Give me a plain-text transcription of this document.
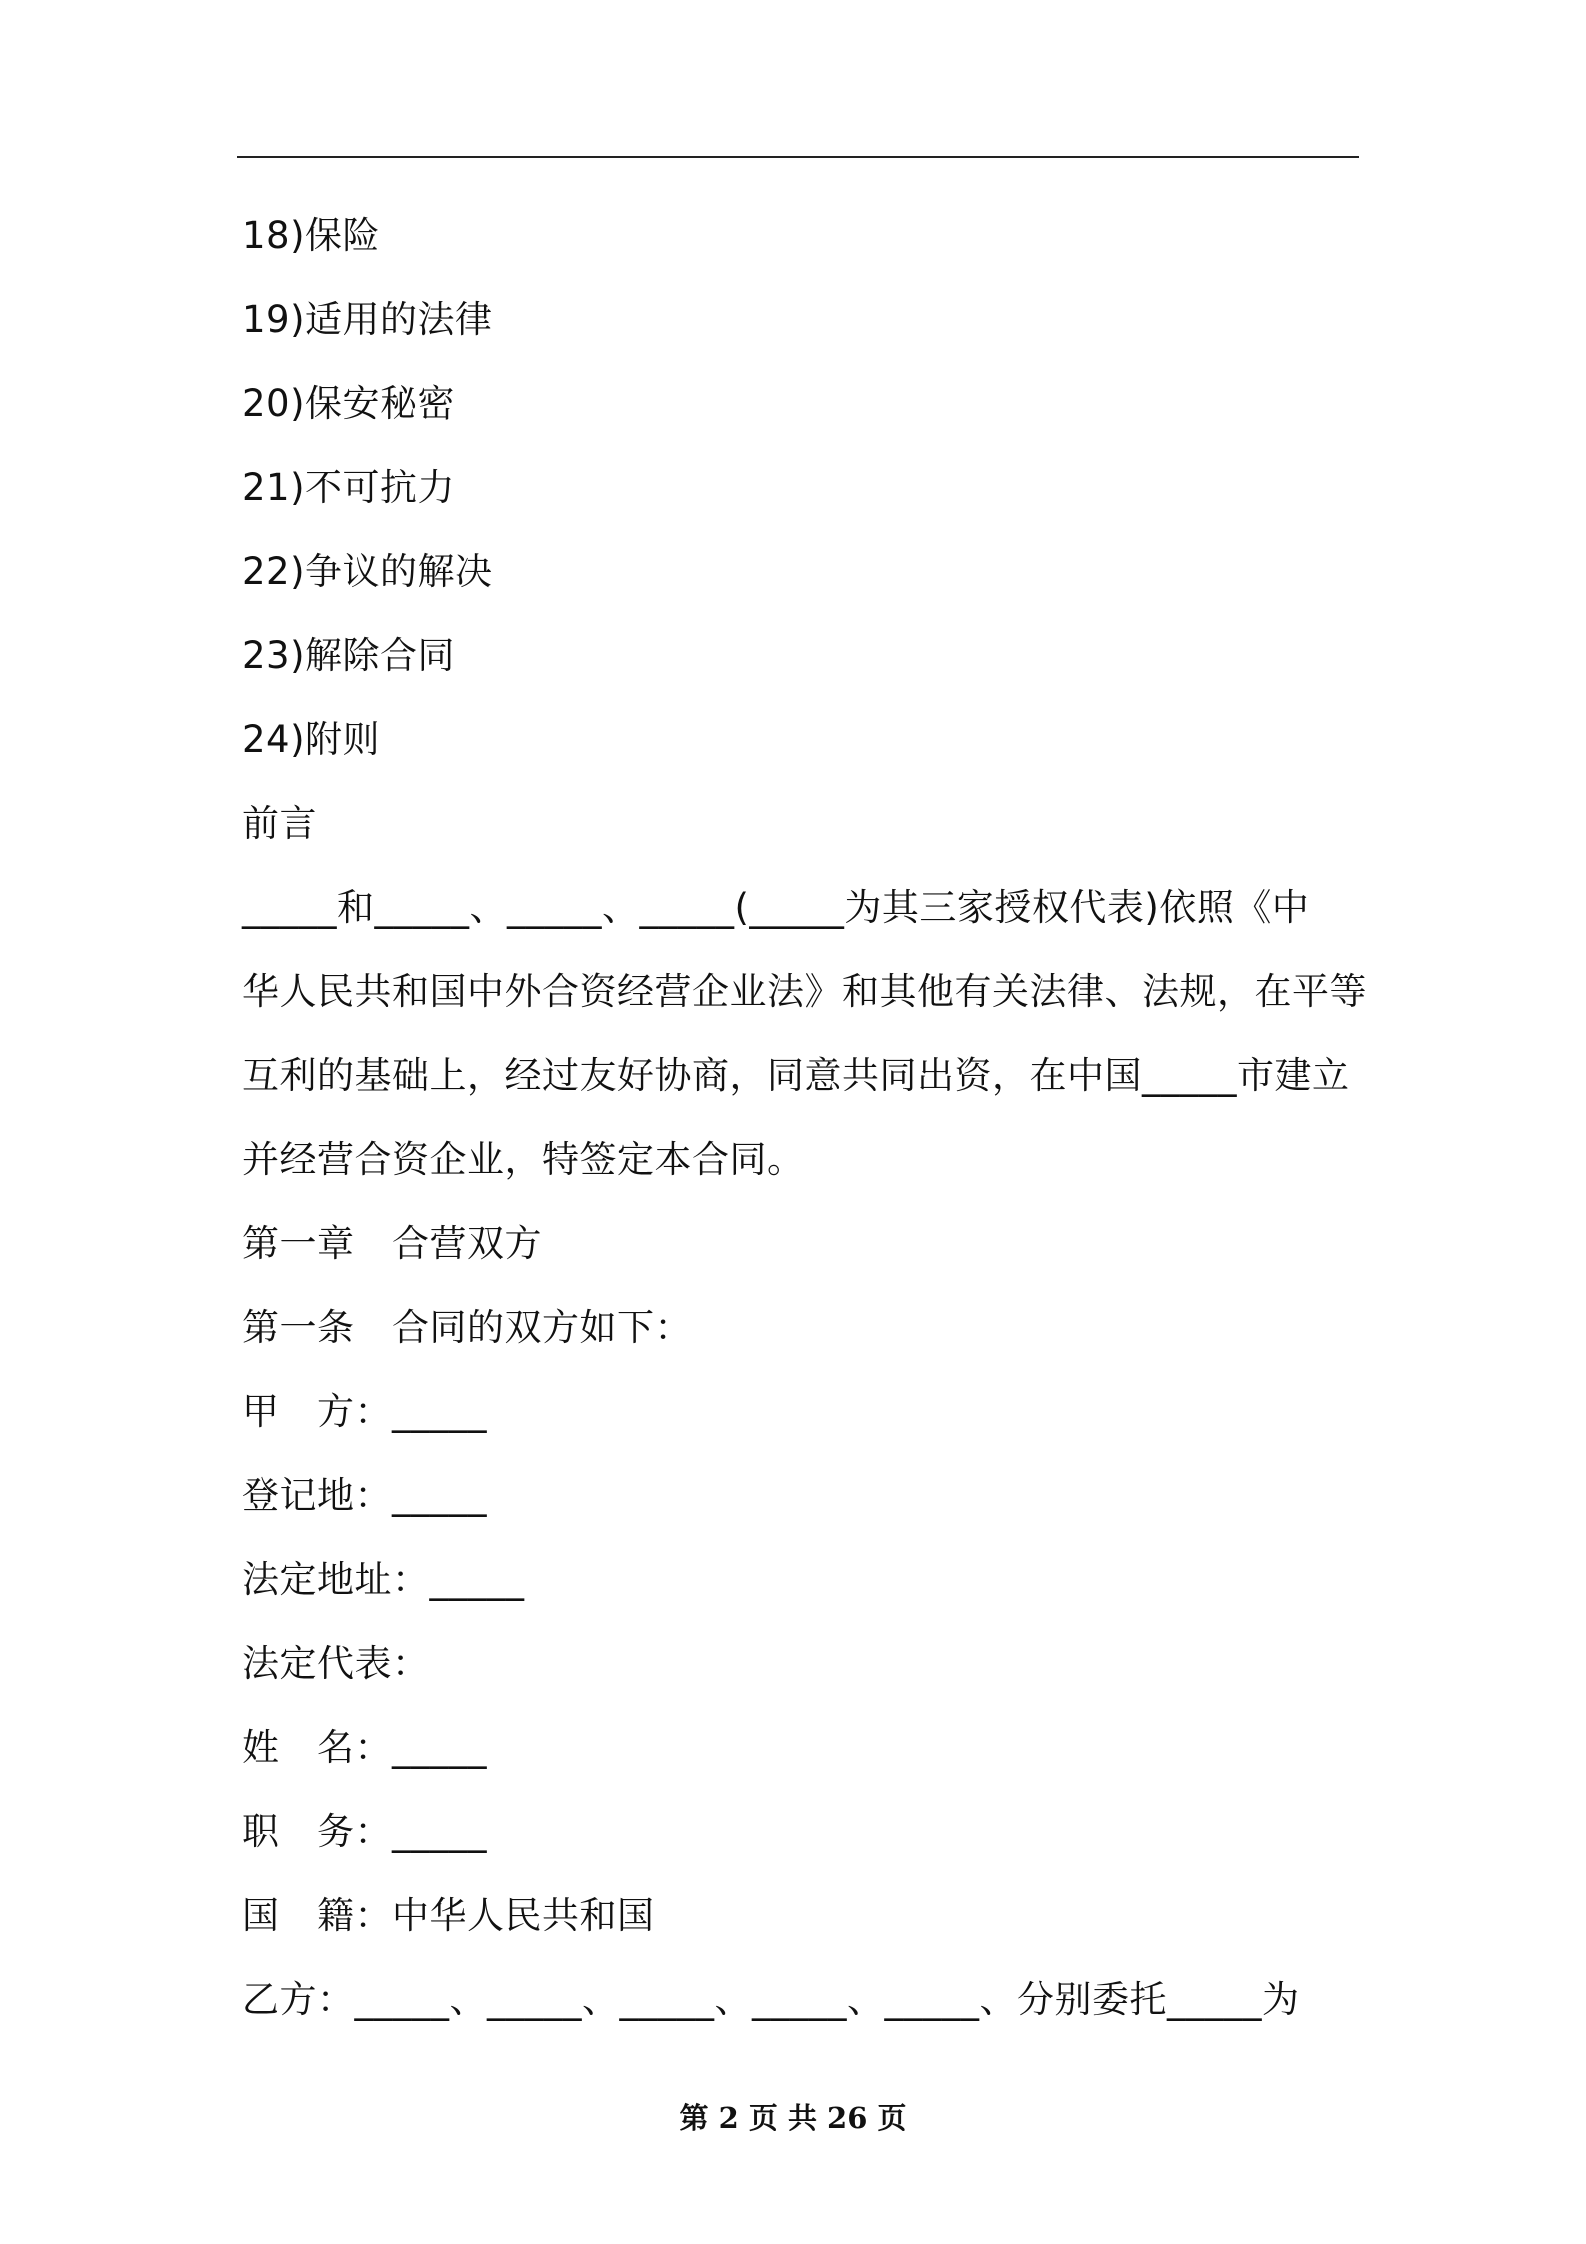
18)保险
19)适用的法律
20)保安秘密
21)不可抗力
22)争议的解决
23)解除合同
24)附则
前言
_____和_____、_____、_____(_____为其三家授权代表)依照《中
华人民共和国中外合资经营企业法》和其他有关法律、法规，在平等
互利的基础上，经过友好协商，同意共同出资，在中国_____市建立
并经营合资企业，特签定本合同。
第一章　合营双方
第一条　合同的双方如下：
甲　方：_____
登记地：_____
法定地址：_____
法定代表：
姓　名：_____
职　务：_____
国　籍：中华人民共和国
乙方：_____、_____、_____、_____、_____、分别委托_____为
第 2 页 共 26 页
